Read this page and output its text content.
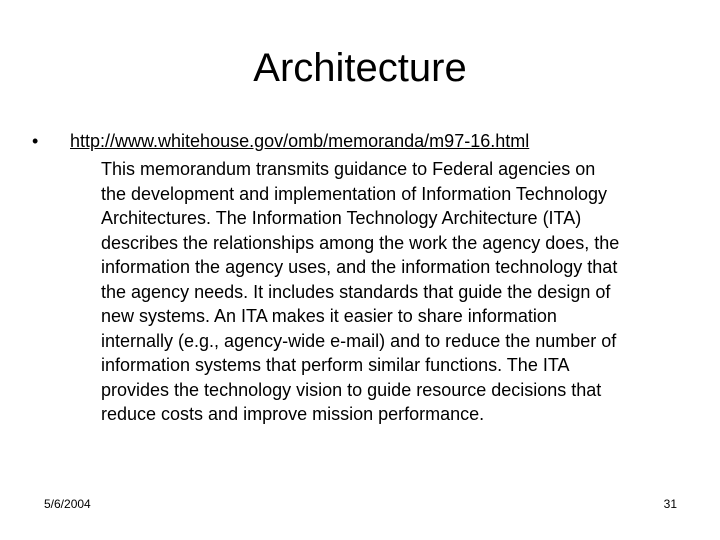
Architecture
• http://www.whitehouse.gov/omb/memoranda/m97-16.html
This memorandum transmits guidance to Federal agencies on
the development and implementation of Information Technology
Architectures. The Information Technology Architecture (ITA)
describes the relationships among the work the agency does, the
information the agency uses, and the information technology that
the agency needs. It includes standards that guide the design of
new systems. An ITA makes it easier to share information
internally (e.g., agency-wide e-mail) and to reduce the number of
information systems that perform similar functions. The ITA
provides the technology vision to guide resource decisions that
reduce costs and improve mission performance.
5/6/2004	31
